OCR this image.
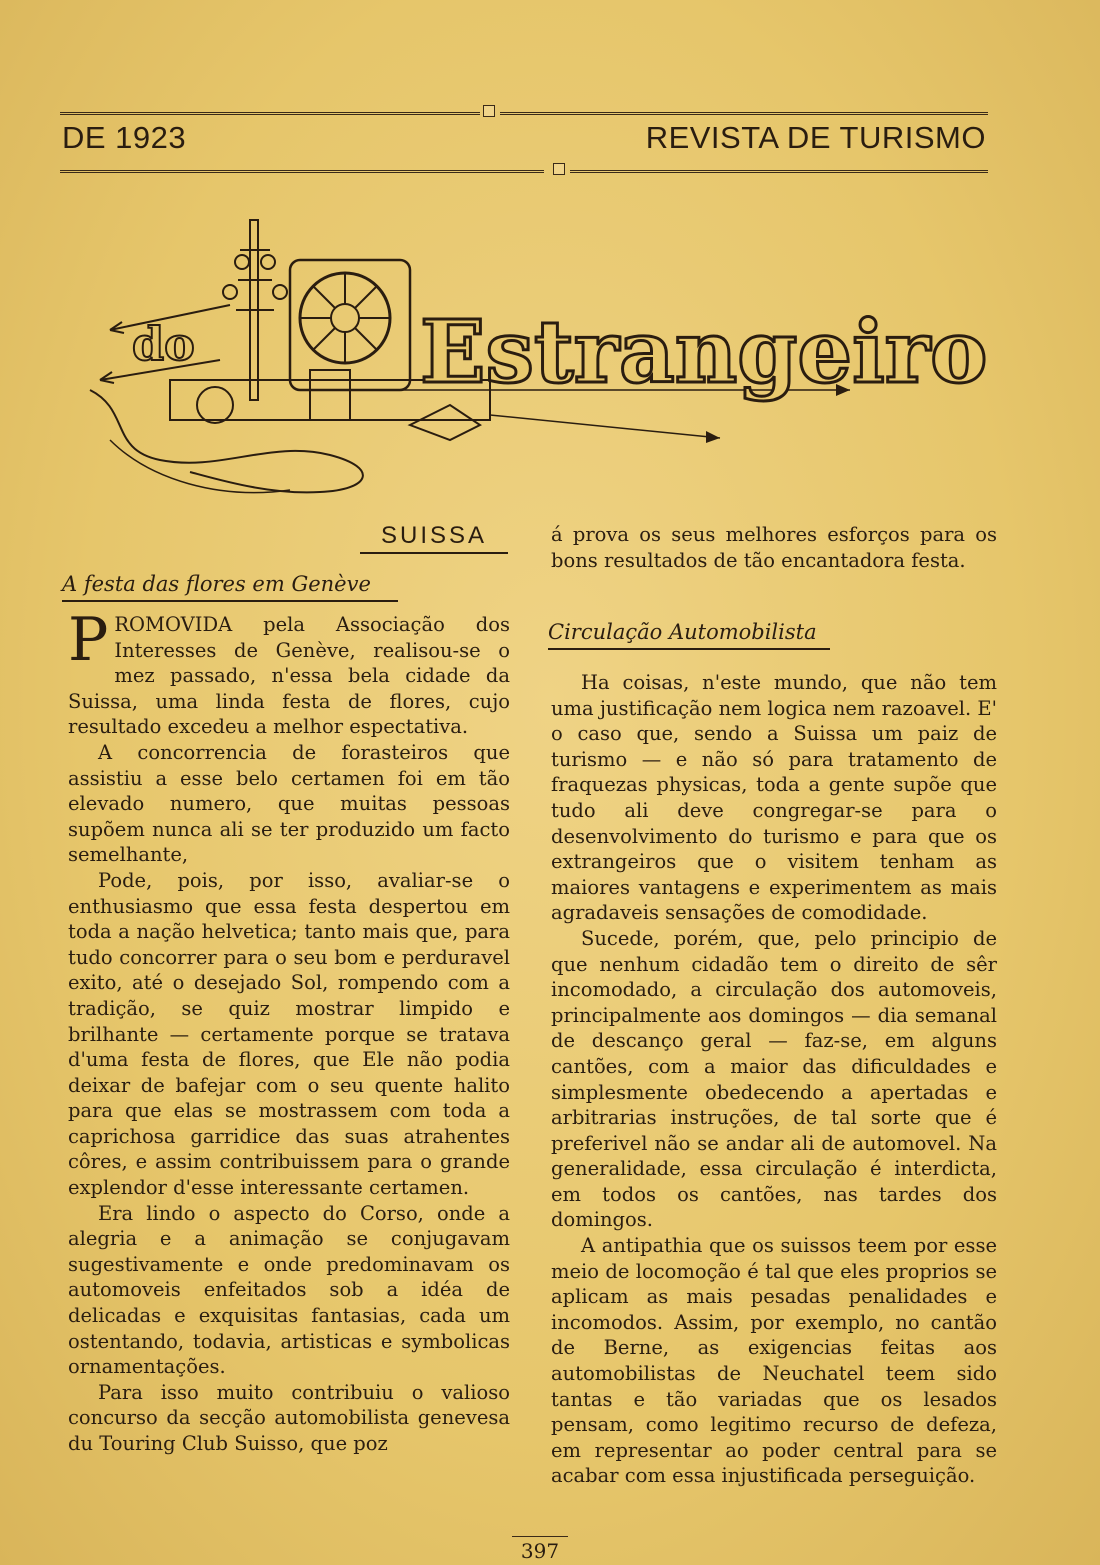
DE 1923	REVISTA DE TURISMO
do	Estrangeiro
SUISSA
A festa das flores em Genève

PROMOVIDA pela Associação dos Interesses de Genève, realisou-se o mez passado, n'essa bela cidade da Suissa, uma linda festa de flores, cujo resultado excedeu a melhor espectativa.

A concorrencia de forasteiros que assistiu a esse belo certamen foi em tão elevado numero, que muitas pessoas supõem nunca ali se ter produzido um facto semelhante,

Pode, pois, por isso, avaliar-se o enthusiasmo que essa festa despertou em toda a nação helvetica; tanto mais que, para tudo concorrer para o seu bom e perduravel exito, até o desejado Sol, rompendo com a tradição, se quiz mostrar limpido e brilhante — certamente porque se tratava d'uma festa de flores, que Ele não podia deixar de bafejar com o seu quente halito para que elas se mostrassem com toda a caprichosa garridice das suas atrahentes côres, e assim contribuissem para o grande explendor d'esse interessante certamen.

Era lindo o aspecto do Corso, onde a alegria e a animação se conjugavam sugestivamente e onde predominavam os automoveis enfeitados sob a idéa de delicadas e exquisitas fantasias, cada um ostentando, todavia, artisticas e symbolicas ornamentações.

Para isso muito contribuiu o valioso concurso da secção automobilista genevesa du Touring Club Suisso, que poz

á prova os seus melhores esforços para os bons resultados de tão encantadora festa.

Circulação Automobilista

Ha coisas, n'este mundo, que não tem uma justificação nem logica nem razoavel. E' o caso que, sendo a Suissa um paiz de turismo — e não só para tratamento de fraquezas physicas, toda a gente supõe que tudo ali deve congregar-se para o desenvolvimento do turismo e para que os extrangeiros que o visitem tenham as maiores vantagens e experimentem as mais agradaveis sensações de comodidade.

Sucede, porém, que, pelo principio de que nenhum cidadão tem o direito de sêr incomodado, a circulação dos automoveis, principalmente aos domingos — dia semanal de descanço geral — faz-se, em alguns cantões, com a maior das dificuldades e simplesmente obedecendo a apertadas e arbitrarias instruções, de tal sorte que é preferivel não se andar ali de automovel. Na generalidade, essa circulação é interdicta, em todos os cantões, nas tardes dos domingos.

A antipathia que os suissos teem por esse meio de locomoção é tal que eles proprios se aplicam as mais pesadas penalidades e incomodos. Assim, por exemplo, no cantão de Berne, as exigencias feitas aos automobilistas de Neuchatel teem sido tantas e tão variadas que os lesados pensam, como legitimo recurso de defeza, em representar ao poder central para se acabar com essa injustificada perseguição.

397
